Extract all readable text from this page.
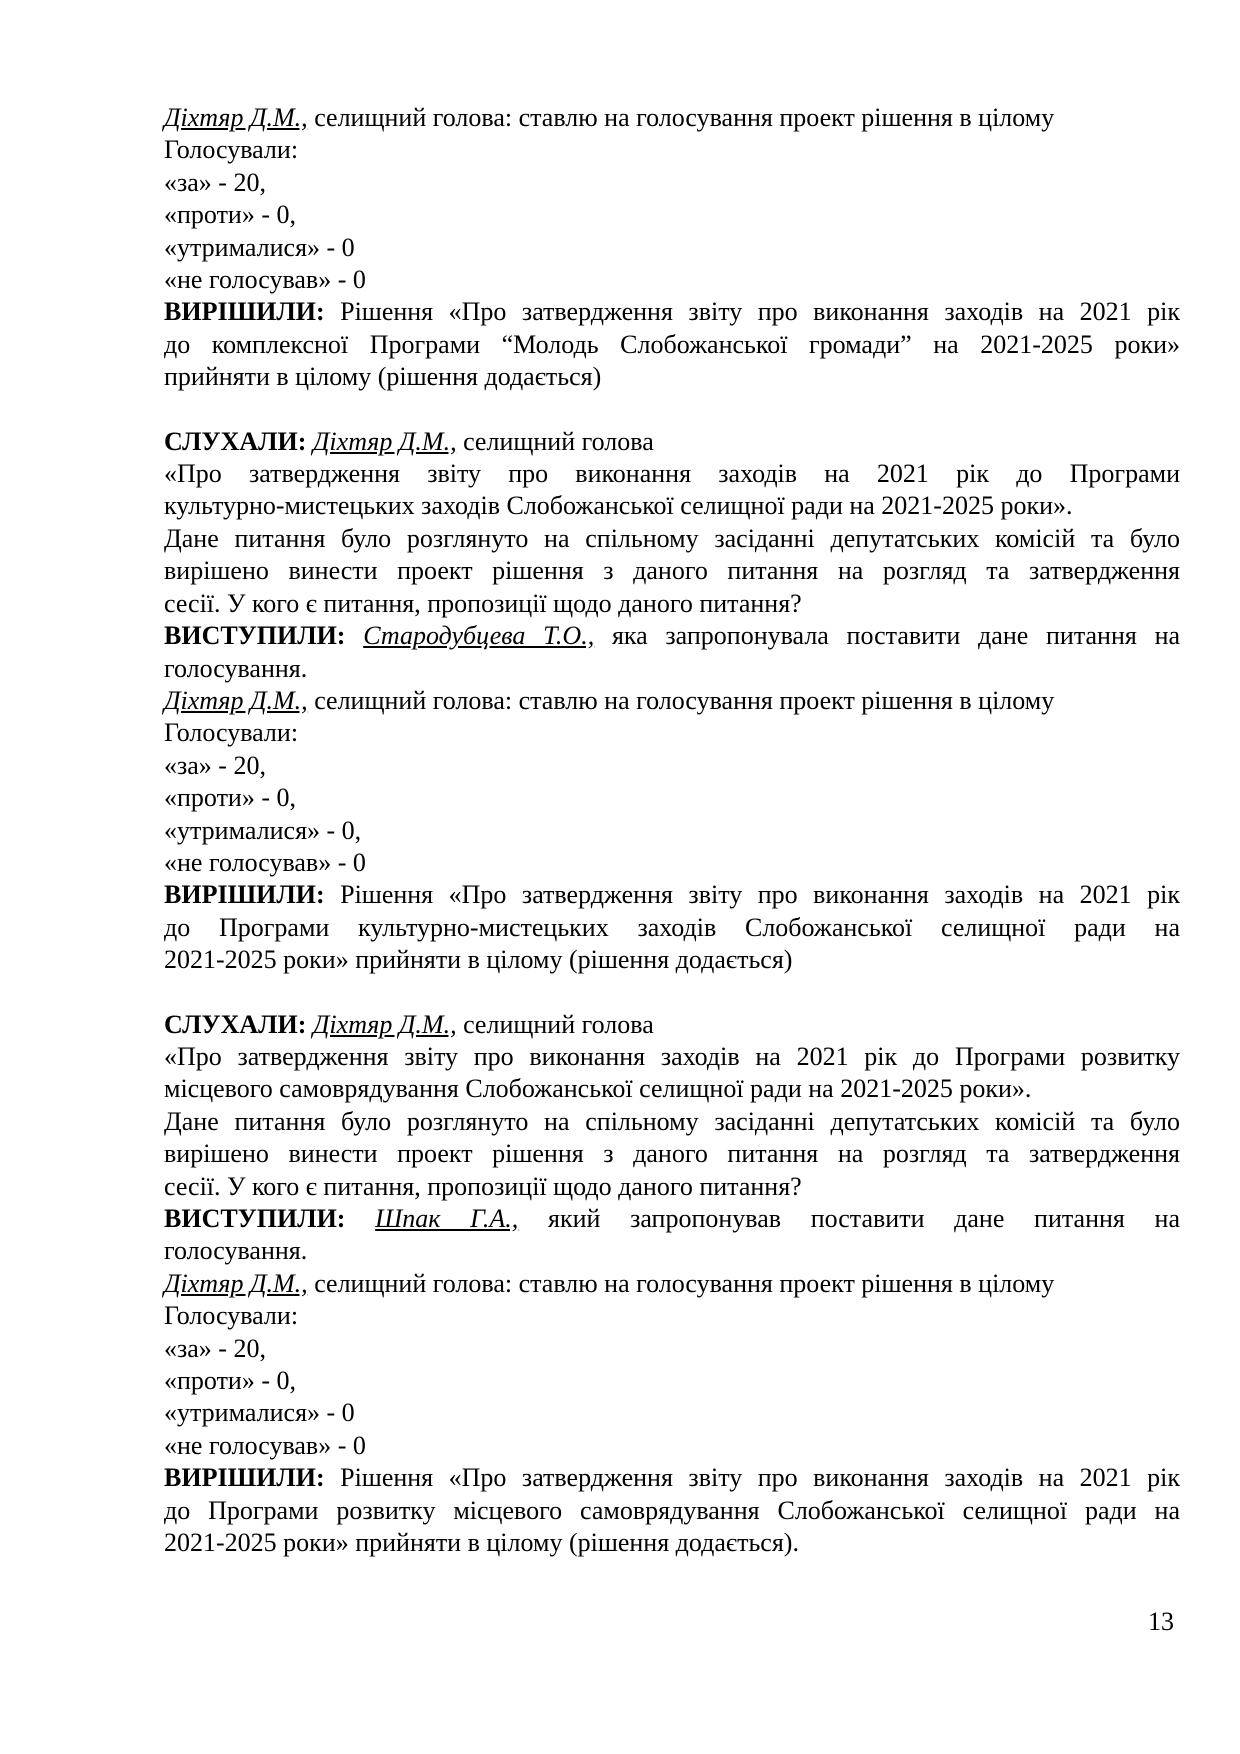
Діхтяр Д.М., селищний голова: ставлю на голосування проект рішення в цілому
Голосували:
«за» - 20,
«проти» - 0,
«утрималися» - 0
«не голосував» - 0
ВИРІШИЛИ: Рішення «Про затвердження звіту про виконання заходів на 2021 рік
до комплексної Програми “Молодь Слобожанської громади” на 2021-2025 роки»
прийняти в цілому (рішення додається)
СЛУХАЛИ: Діхтяр Д.М., селищний голова
«Про затвердження звіту про виконання заходів на 2021 рік до Програми
культурно-мистецьких заходів Слобожанської селищної ради на 2021-2025 роки».
Дане питання було розглянуто на спільному засіданні депутатських комісій та було
вирішено винести проект рішення з даного питання на розгляд та затвердження
сесії. У кого є питання, пропозиції щодо даного питання?
ВИСТУПИЛИ: Стародубцева Т.О., яка запропонувала поставити дане питання на
голосування.
Діхтяр Д.М., селищний голова: ставлю на голосування проект рішення в цілому
Голосували:
«за» - 20,
«проти» - 0,
«утрималися» - 0,
«не голосував» - 0
ВИРІШИЛИ: Рішення «Про затвердження звіту про виконання заходів на 2021 рік
до Програми культурно-мистецьких заходів Слобожанської селищної ради на
2021-2025 роки» прийняти в цілому (рішення додається)
СЛУХАЛИ: Діхтяр Д.М., селищний голова
«Про затвердження звіту про виконання заходів на 2021 рік до Програми розвитку
місцевого самоврядування Слобожанської селищної ради на 2021-2025 роки».
Дане питання було розглянуто на спільному засіданні депутатських комісій та було
вирішено винести проект рішення з даного питання на розгляд та затвердження
сесії. У кого є питання, пропозиції щодо даного питання?
ВИСТУПИЛИ: Шпак Г.А., який запропонував поставити дане питання на
голосування.
Діхтяр Д.М., селищний голова: ставлю на голосування проект рішення в цілому
Голосували:
«за» - 20,
«проти» - 0,
«утрималися» - 0
«не голосував» - 0
ВИРІШИЛИ: Рішення «Про затвердження звіту про виконання заходів на 2021 рік
до Програми розвитку місцевого самоврядування Слобожанської селищної ради на
2021-2025 роки» прийняти в цілому (рішення додається).
13
